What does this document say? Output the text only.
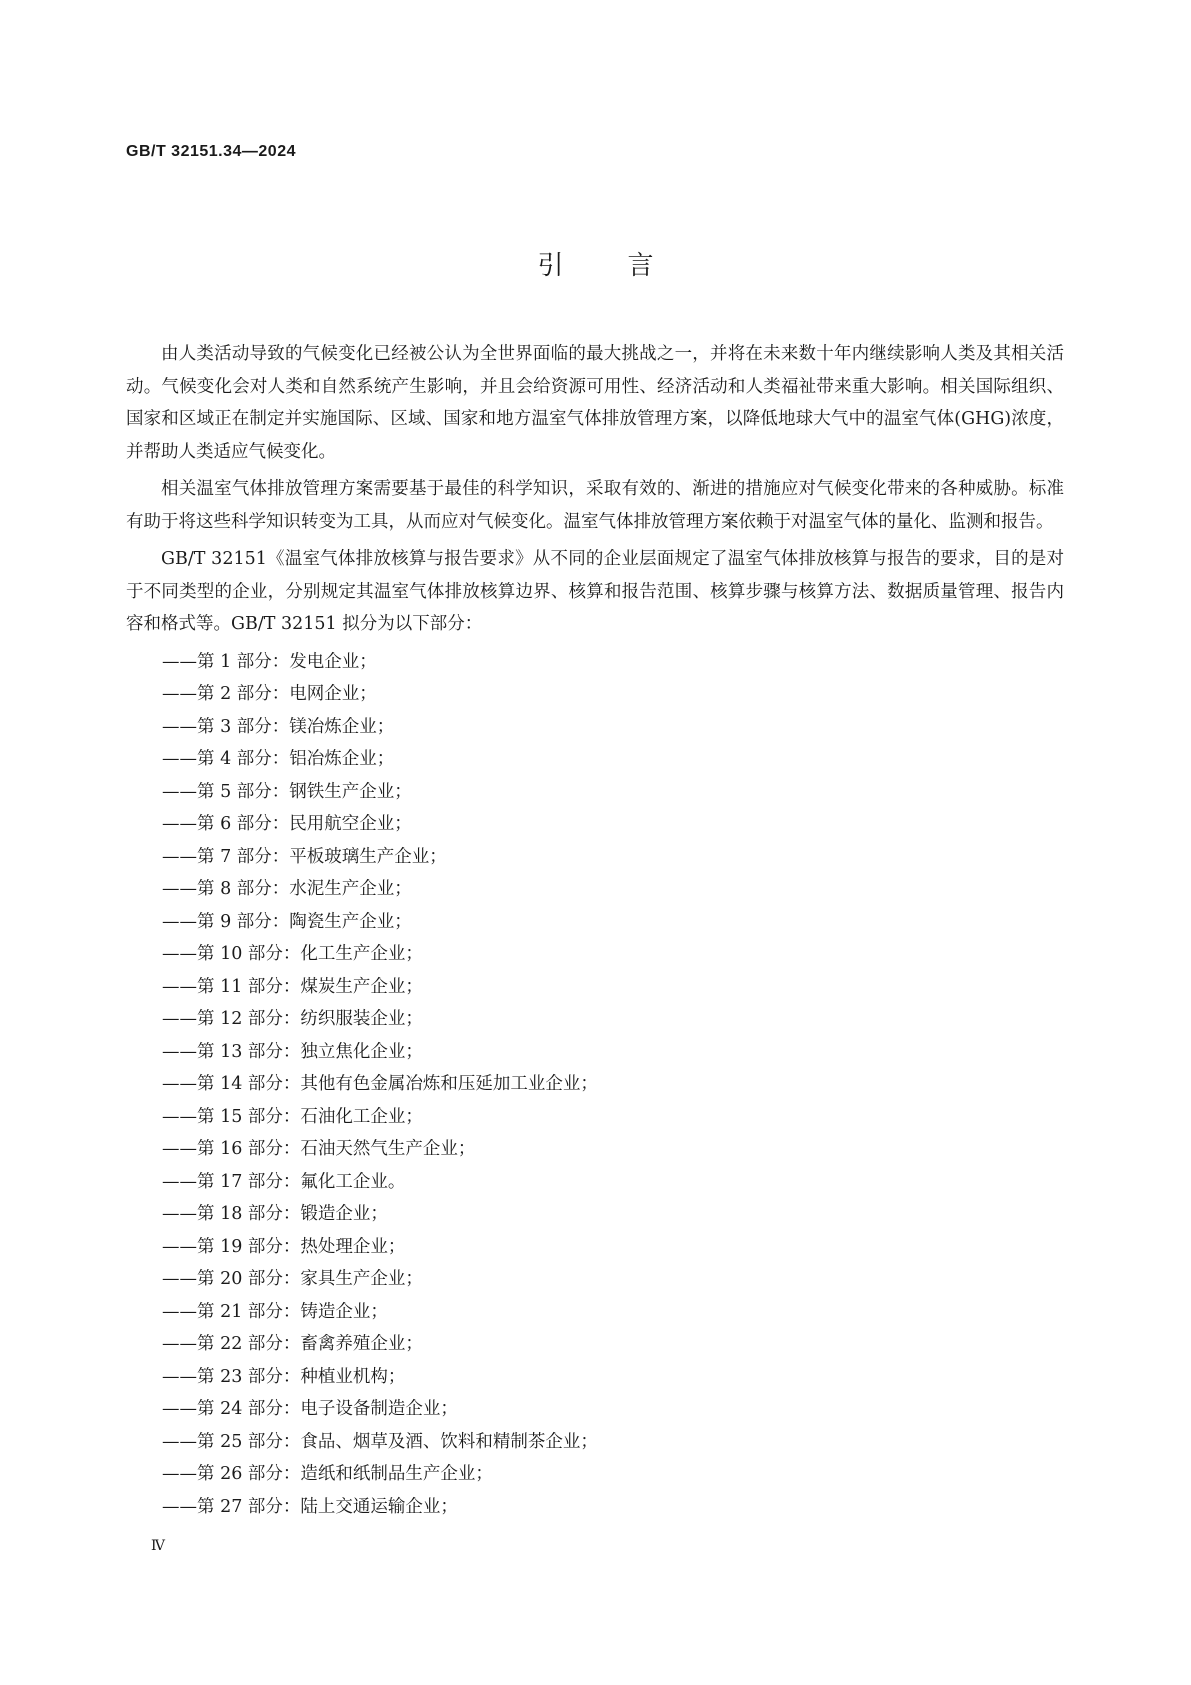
GB/T 32151.34—2024
引言

由人类活动导致的气候变化已经被公认为全世界面临的最大挑战之一，并将在未来数十年内继续影响人类及其相关活动。气候变化会对人类和自然系统产生影响，并且会给资源可用性、经济活动和人类福祉带来重大影响。相关国际组织、国家和区域正在制定并实施国际、区域、国家和地方温室气体排放管理方案，以降低地球大气中的温室气体(GHG)浓度，并帮助人类适应气候变化。

相关温室气体排放管理方案需要基于最佳的科学知识，采取有效的、渐进的措施应对气候变化带来的各种威胁。标准有助于将这些科学知识转变为工具，从而应对气候变化。温室气体排放管理方案依赖于对温室气体的量化、监测和报告。

GB/T 32151《温室气体排放核算与报告要求》从不同的企业层面规定了温室气体排放核算与报告的要求，目的是对于不同类型的企业，分别规定其温室气体排放核算边界、核算和报告范围、核算步骤与核算方法、数据质量管理、报告内容和格式等。GB/T 32151 拟分为以下部分：

——第 1 部分：发电企业；
——第 2 部分：电网企业；
——第 3 部分：镁冶炼企业；
——第 4 部分：铝冶炼企业；
——第 5 部分：钢铁生产企业；
——第 6 部分：民用航空企业；
——第 7 部分：平板玻璃生产企业；
——第 8 部分：水泥生产企业；
——第 9 部分：陶瓷生产企业；
——第 10 部分：化工生产企业；
——第 11 部分：煤炭生产企业；
——第 12 部分：纺织服装企业；
——第 13 部分：独立焦化企业；
——第 14 部分：其他有色金属冶炼和压延加工业企业；
——第 15 部分：石油化工企业；
——第 16 部分：石油天然气生产企业；
——第 17 部分：氟化工企业。
——第 18 部分：锻造企业；
——第 19 部分：热处理企业；
——第 20 部分：家具生产企业；
——第 21 部分：铸造企业；
——第 22 部分：畜禽养殖企业；
——第 23 部分：种植业机构；
——第 24 部分：电子设备制造企业；
——第 25 部分：食品、烟草及酒、饮料和精制茶企业；
——第 26 部分：造纸和纸制品生产企业；
——第 27 部分：陆上交通运输企业；
Ⅳ
